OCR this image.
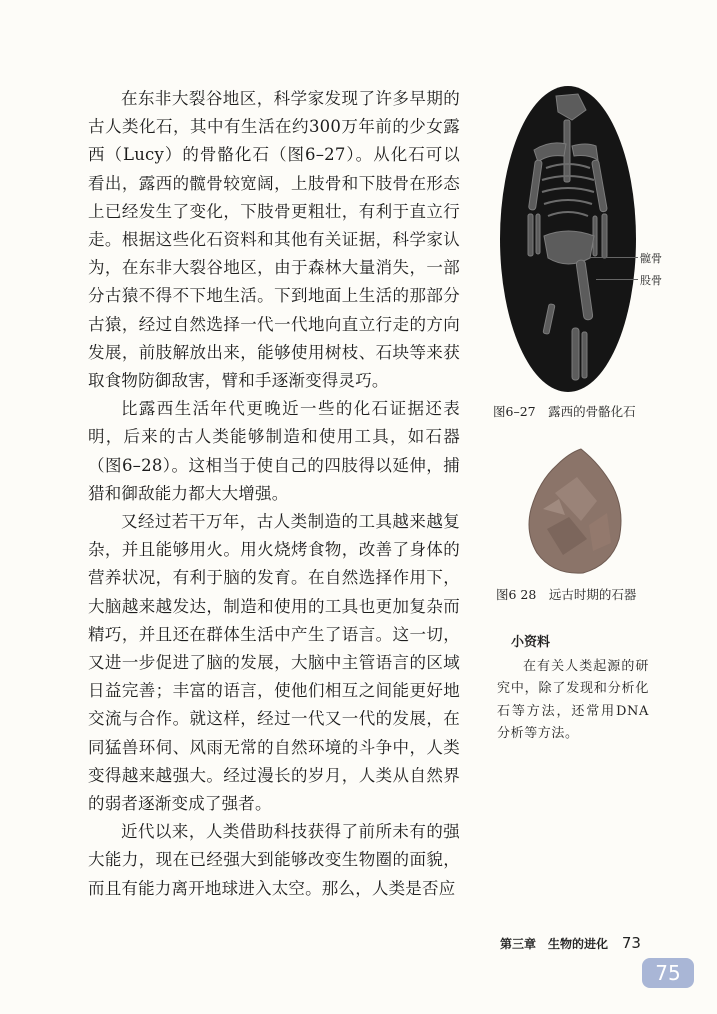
在东非大裂谷地区，科学家发现了许多早期的古人类化石，其中有生活在约300万年前的少女露西（Lucy）的骨骼化石（图6–27）。从化石可以看出，露西的髋骨较宽阔，上肢骨和下肢骨在形态上已经发生了变化，下肢骨更粗壮，有利于直立行走。根据这些化石资料和其他有关证据，科学家认为，在东非大裂谷地区，由于森林大量消失，一部分古猿不得不下地生活。下到地面上生活的那部分古猿，经过自然选择一代一代地向直立行走的方向发展，前肢解放出来，能够使用树枝、石块等来获取食物防御敌害，臂和手逐渐变得灵巧。

比露西生活年代更晚近一些的化石证据还表明，后来的古人类能够制造和使用工具，如石器（图6–28）。这相当于使自己的四肢得以延伸，捕猎和御敌能力都大大增强。

又经过若干万年，古人类制造的工具越来越复杂，并且能够用火。用火烧烤食物，改善了身体的营养状况，有利于脑的发育。在自然选择作用下，大脑越来越发达，制造和使用的工具也更加复杂而精巧，并且还在群体生活中产生了语言。这一切，又进一步促进了脑的发展，大脑中主管语言的区域日益完善；丰富的语言，使他们相互之间能更好地交流与合作。就这样，经过一代又一代的发展，在同猛兽环伺、风雨无常的自然环境的斗争中，人类变得越来越强大。经过漫长的岁月，人类从自然界的弱者逐渐变成了强者。

近代以来，人类借助科技获得了前所未有的强大能力，现在已经强大到能够改变生物圈的面貌，而且有能力离开地球进入太空。那么，人类是否应

髋骨
股骨
图6–27　露西的骨骼化石
图6 28　远古时期的石器
小资料

在有关人类起源的研究中，除了发现和分析化石等方法，还常用DNA分析等方法。

第三章　生物的进化 73
75
